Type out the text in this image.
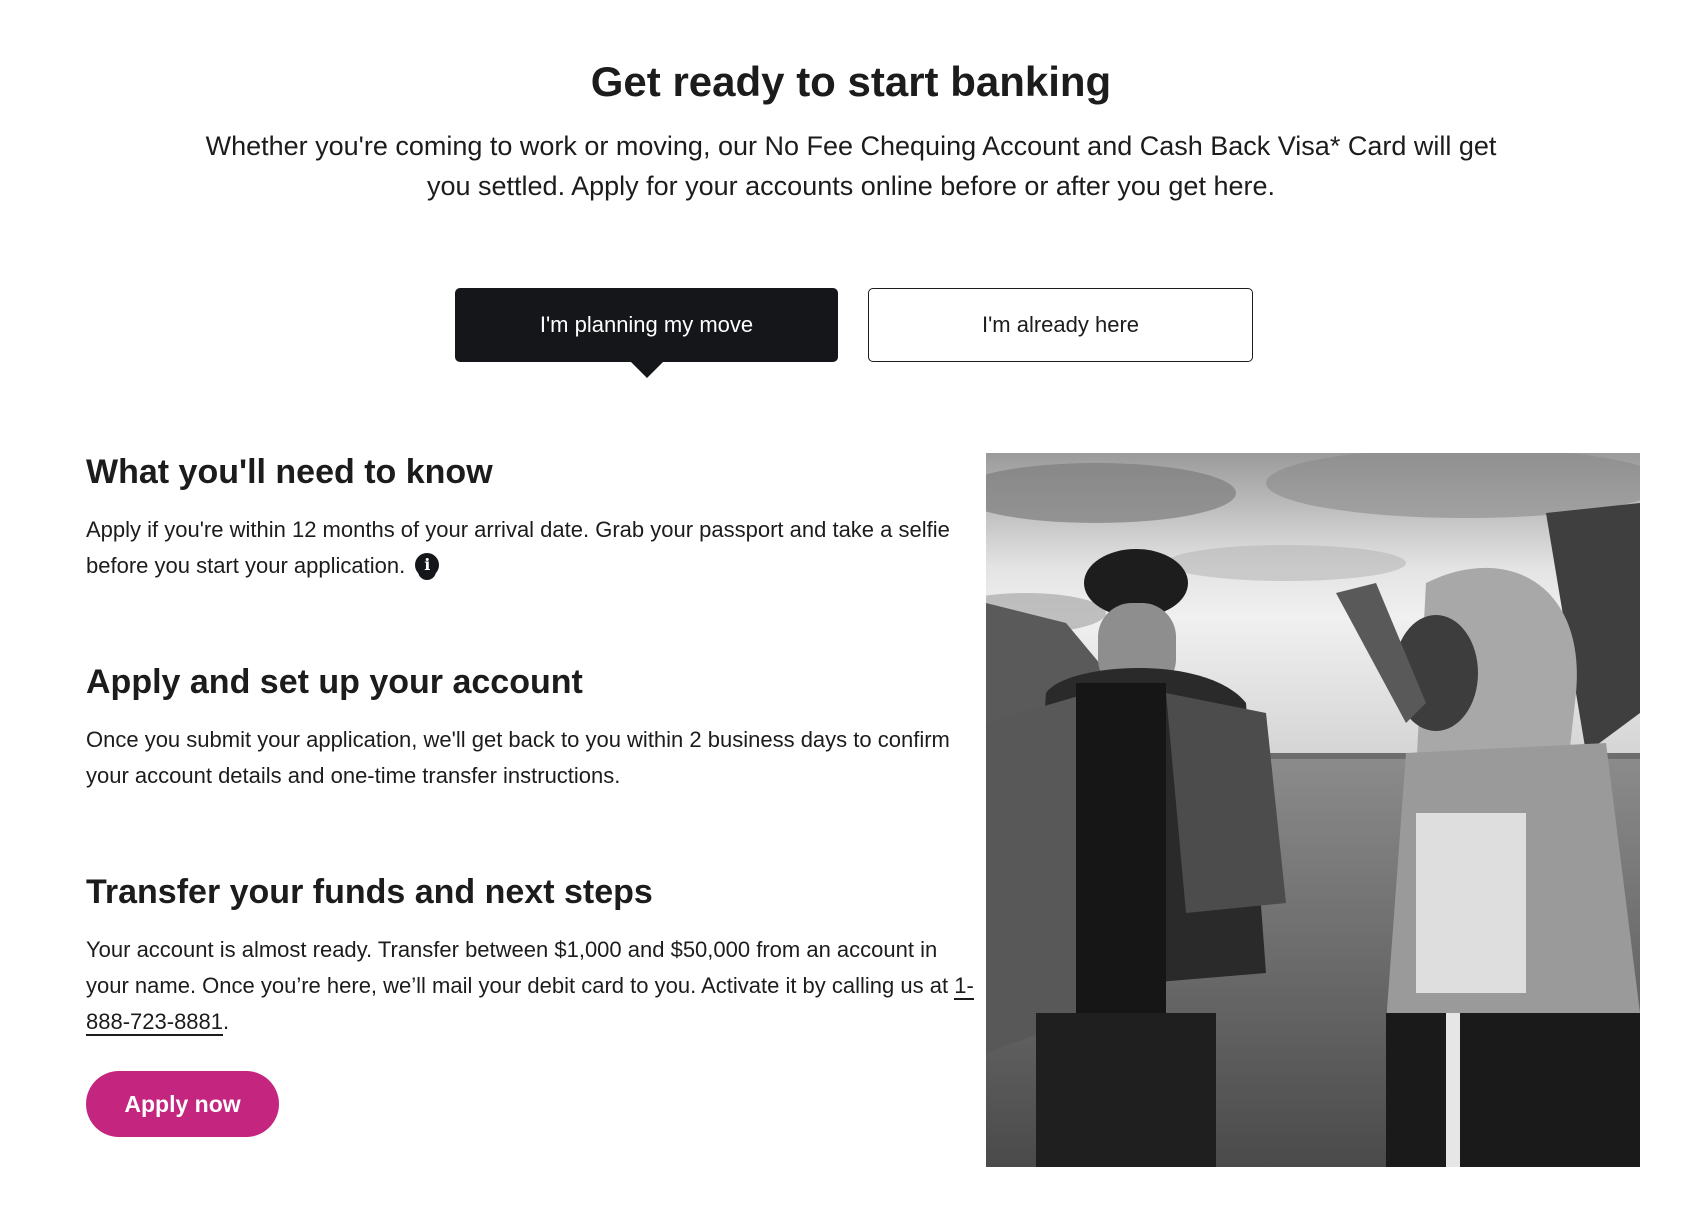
Get ready to start banking

Whether you're coming to work or moving, our No Fee Chequing Account and Cash Back Visa* Card will get you settled. Apply for your accounts online before or after you get here.

I'm planning my move	I'm already here
What you'll need to know

Apply if you're within 12 months of your arrival date. Grab your passport and take a selfie before you start your application. i

Apply and set up your account

Once you submit your application, we'll get back to you within 2 business days to confirm your account details and one-time transfer instructions.

Transfer your funds and next steps

Your account is almost ready. Transfer between $1,000 and $50,000 from an account in your name. Once you’re here, we’ll mail your debit card to you. Activate it by calling us at 1-888-723-8881.

Apply now
